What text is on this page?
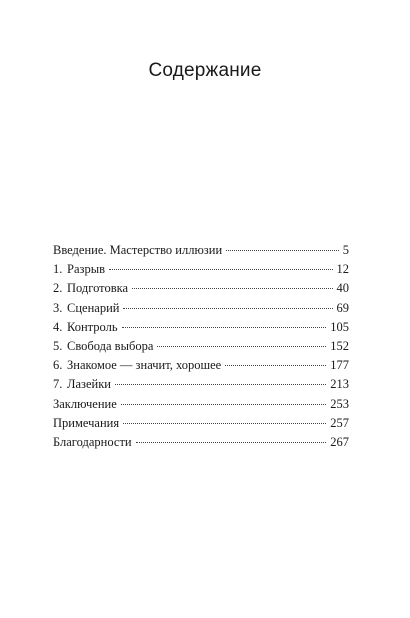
Содержание
Введение. Мастерство иллюзии	5
1. Разрыв	12
2. Подготовка	40
3. Сценарий	69
4. Контроль	105
5. Свобода выбора	152
6. Знакомое — значит, хорошее	177
7. Лазейки	213
Заключение	253
Примечания	257
Благодарности	267
